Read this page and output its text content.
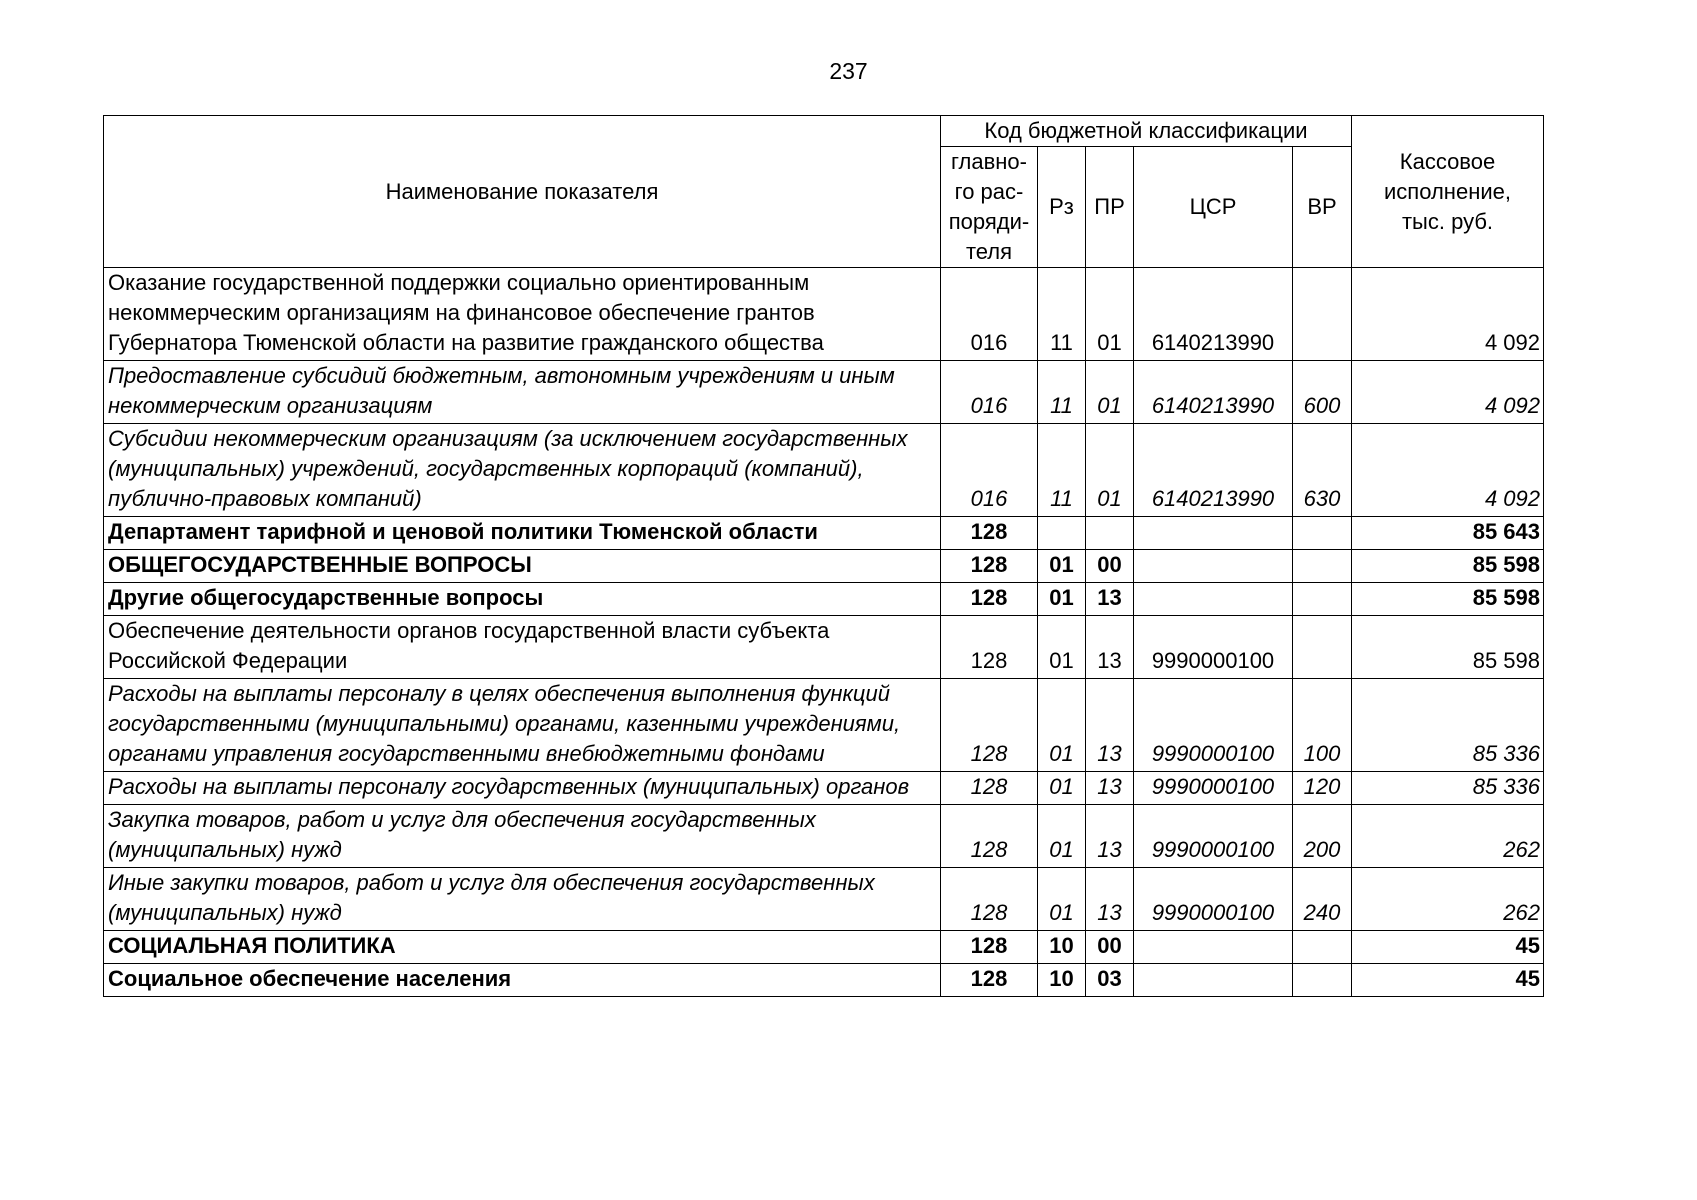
237
Наименование показателя	Код бюджетной классификации					Кассовое
исполнение,
тыс. руб.

	главно-
го рас-
поряди-
теля	Рз	ПР	ЦСР	ВР	
Оказание государственной поддержки социально ориентированным некоммерческим организациям на финансовое обеспечение грантов Губернатора Тюменской области на развитие гражданского общества	016	11	01	6140213990		4 092
Предоставление субсидий бюджетным, автономным учреждениям и иным некоммерческим организациям	016	11	01	6140213990	600	4 092
Субсидии некоммерческим организациям (за исключением государственных (муниципальных) учреждений, государственных корпораций (компаний), публично-правовых компаний)	016	11	01	6140213990	630	4 092
Департамент тарифной и ценовой политики Тюменской области	128					85 643
ОБЩЕГОСУДАРСТВЕННЫЕ ВОПРОСЫ	128	01	00			85 598
Другие общегосударственные вопросы	128	01	13			85 598
Обеспечение деятельности органов государственной власти субъекта Российской Федерации	128	01	13	9990000100		85 598
Расходы на выплаты персоналу в целях обеспечения выполнения функций государственными (муниципальными) органами, казенными учреждениями, органами управления государственными внебюджетными фондами	128	01	13	9990000100	100	85 336
Расходы на выплаты персоналу государственных (муниципальных) органов	128	01	13	9990000100	120	85 336
Закупка товаров, работ и услуг для обеспечения государственных (муниципальных) нужд	128	01	13	9990000100	200	262
Иные закупки товаров, работ и услуг для обеспечения государственных (муниципальных) нужд	128	01	13	9990000100	240	262
СОЦИАЛЬНАЯ ПОЛИТИКА	128	10	00			45
Социальное обеспечение населения	128	10	03			45
